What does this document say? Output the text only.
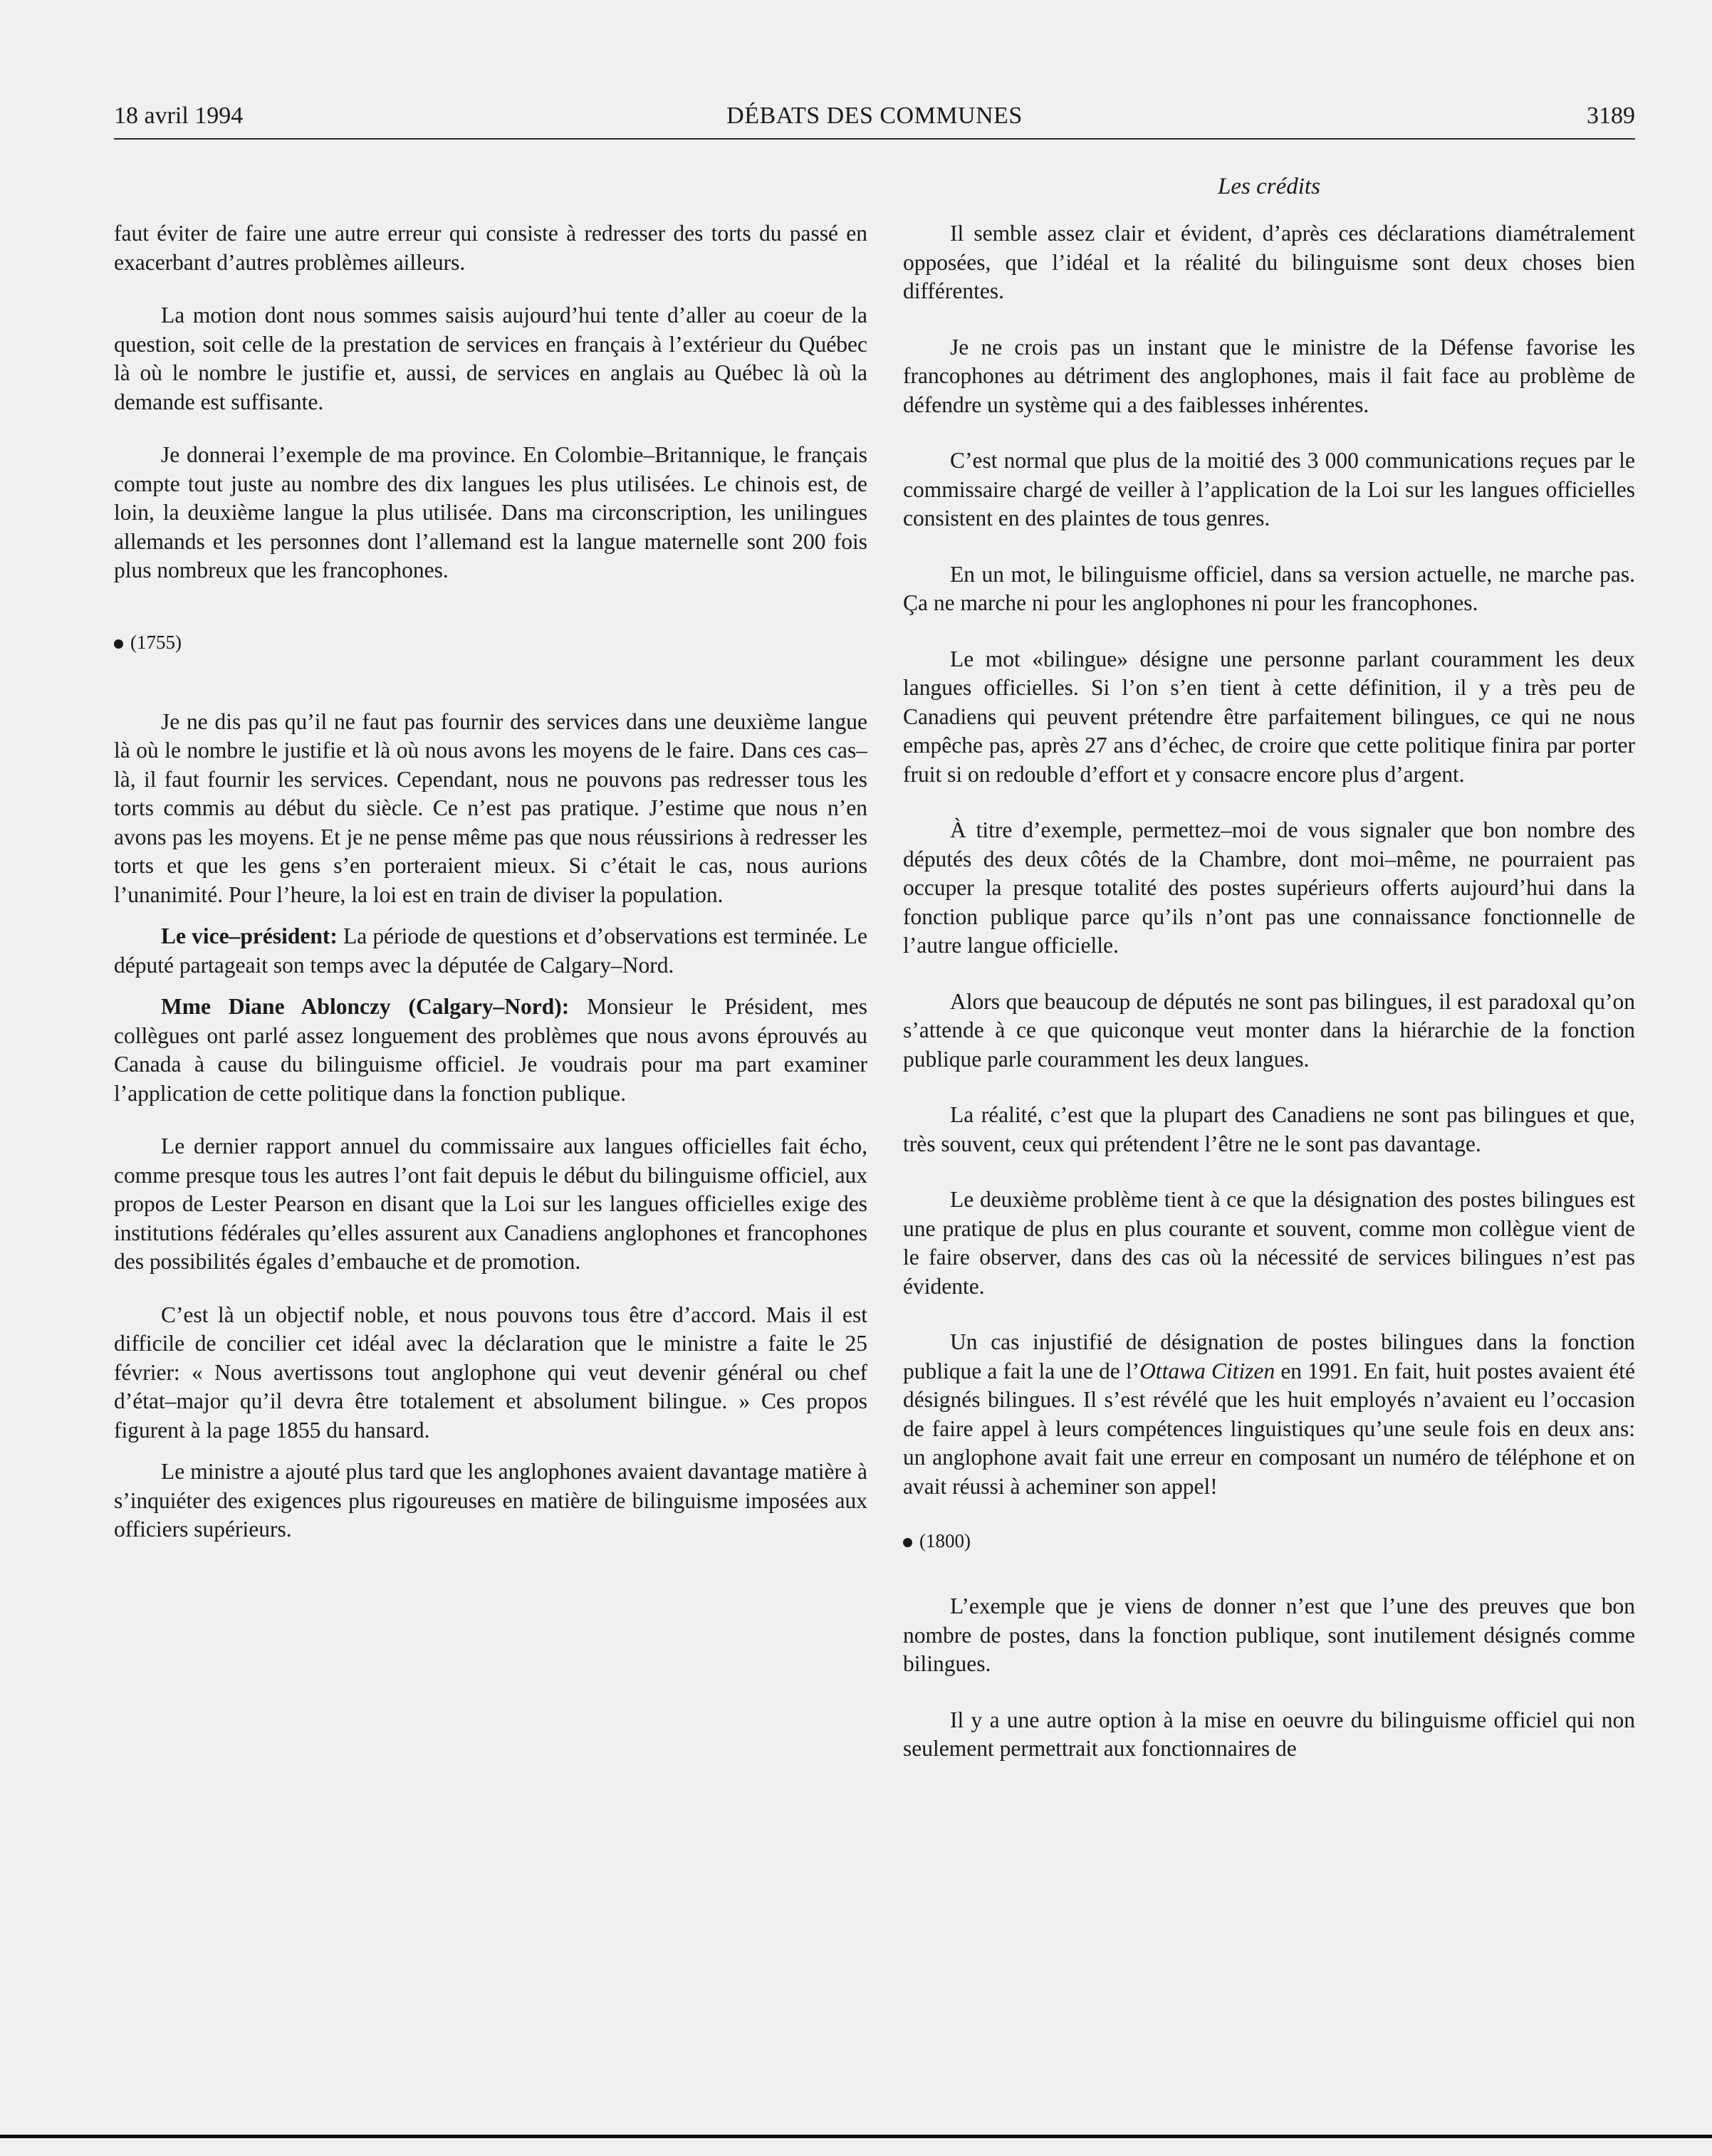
18 avril 1994	DÉBATS DES COMMUNES	3189
Les crédits

faut éviter de faire une autre erreur qui consiste à redresser des torts du passé en exacerbant d’autres problèmes ailleurs.

La motion dont nous sommes saisis aujourd’hui tente d’aller au coeur de la question, soit celle de la prestation de services en français à l’extérieur du Québec là où le nombre le justifie et, aussi, de services en anglais au Québec là où la demande est suffisante.

Je donnerai l’exemple de ma province. En Colombie–Britannique, le français compte tout juste au nombre des dix langues les plus utilisées. Le chinois est, de loin, la deuxième langue la plus utilisée. Dans ma circonscription, les unilingues allemands et les personnes dont l’allemand est la langue maternelle sont 200 fois plus nombreux que les francophones.

(1755)

Je ne dis pas qu’il ne faut pas fournir des services dans une deuxième langue là où le nombre le justifie et là où nous avons les moyens de le faire. Dans ces cas–là, il faut fournir les services. Cependant, nous ne pouvons pas redresser tous les torts commis au début du siècle. Ce n’est pas pratique. J’estime que nous n’en avons pas les moyens. Et je ne pense même pas que nous réussirions à redresser les torts et que les gens s’en porteraient mieux. Si c’était le cas, nous aurions l’unanimité. Pour l’heure, la loi est en train de diviser la population.

Le vice–président: La période de questions et d’observations est terminée. Le député partageait son temps avec la députée de Calgary–Nord.

Mme Diane Ablonczy (Calgary–Nord): Monsieur le Président, mes collègues ont parlé assez longuement des problèmes que nous avons éprouvés au Canada à cause du bilinguisme officiel. Je voudrais pour ma part examiner l’application de cette politique dans la fonction publique.

Le dernier rapport annuel du commissaire aux langues officielles fait écho, comme presque tous les autres l’ont fait depuis le début du bilinguisme officiel, aux propos de Lester Pearson en disant que la Loi sur les langues officielles exige des institutions fédérales qu’elles assurent aux Canadiens anglophones et francophones des possibilités égales d’embauche et de promotion.

C’est là un objectif noble, et nous pouvons tous être d’accord. Mais il est difficile de concilier cet idéal avec la déclaration que le ministre a faite le 25 février: « Nous avertissons tout anglophone qui veut devenir général ou chef d’état–major qu’il devra être totalement et absolument bilingue. » Ces propos figurent à la page 1855 du hansard.

Le ministre a ajouté plus tard que les anglophones avaient davantage matière à s’inquiéter des exigences plus rigoureuses en matière de bilinguisme imposées aux officiers supérieurs.

Il semble assez clair et évident, d’après ces déclarations diamétralement opposées, que l’idéal et la réalité du bilinguisme sont deux choses bien différentes.

Je ne crois pas un instant que le ministre de la Défense favorise les francophones au détriment des anglophones, mais il fait face au problème de défendre un système qui a des faiblesses inhérentes.

C’est normal que plus de la moitié des 3 000 communications reçues par le commissaire chargé de veiller à l’application de la Loi sur les langues officielles consistent en des plaintes de tous genres.

En un mot, le bilinguisme officiel, dans sa version actuelle, ne marche pas. Ça ne marche ni pour les anglophones ni pour les francophones.

Le mot «bilingue» désigne une personne parlant couramment les deux langues officielles. Si l’on s’en tient à cette définition, il y a très peu de Canadiens qui peuvent prétendre être parfaitement bilingues, ce qui ne nous empêche pas, après 27 ans d’échec, de croire que cette politique finira par porter fruit si on redouble d’effort et y consacre encore plus d’argent.

À titre d’exemple, permettez–moi de vous signaler que bon nombre des députés des deux côtés de la Chambre, dont moi–même, ne pourraient pas occuper la presque totalité des postes supérieurs offerts aujourd’hui dans la fonction publique parce qu’ils n’ont pas une connaissance fonctionnelle de l’autre langue officielle.

Alors que beaucoup de députés ne sont pas bilingues, il est paradoxal qu’on s’attende à ce que quiconque veut monter dans la hiérarchie de la fonction publique parle couramment les deux langues.

La réalité, c’est que la plupart des Canadiens ne sont pas bilingues et que, très souvent, ceux qui prétendent l’être ne le sont pas davantage.

Le deuxième problème tient à ce que la désignation des postes bilingues est une pratique de plus en plus courante et souvent, comme mon collègue vient de le faire observer, dans des cas où la nécessité de services bilingues n’est pas évidente.

Un cas injustifié de désignation de postes bilingues dans la fonction publique a fait la une de l’Ottawa Citizen en 1991. En fait, huit postes avaient été désignés bilingues. Il s’est révélé que les huit employés n’avaient eu l’occasion de faire appel à leurs compétences linguistiques qu’une seule fois en deux ans: un anglophone avait fait une erreur en composant un numéro de téléphone et on avait réussi à acheminer son appel!

(1800)

L’exemple que je viens de donner n’est que l’une des preuves que bon nombre de postes, dans la fonction publique, sont inutilement désignés comme bilingues.

Il y a une autre option à la mise en oeuvre du bilinguisme officiel qui non seulement permettrait aux fonctionnaires de
